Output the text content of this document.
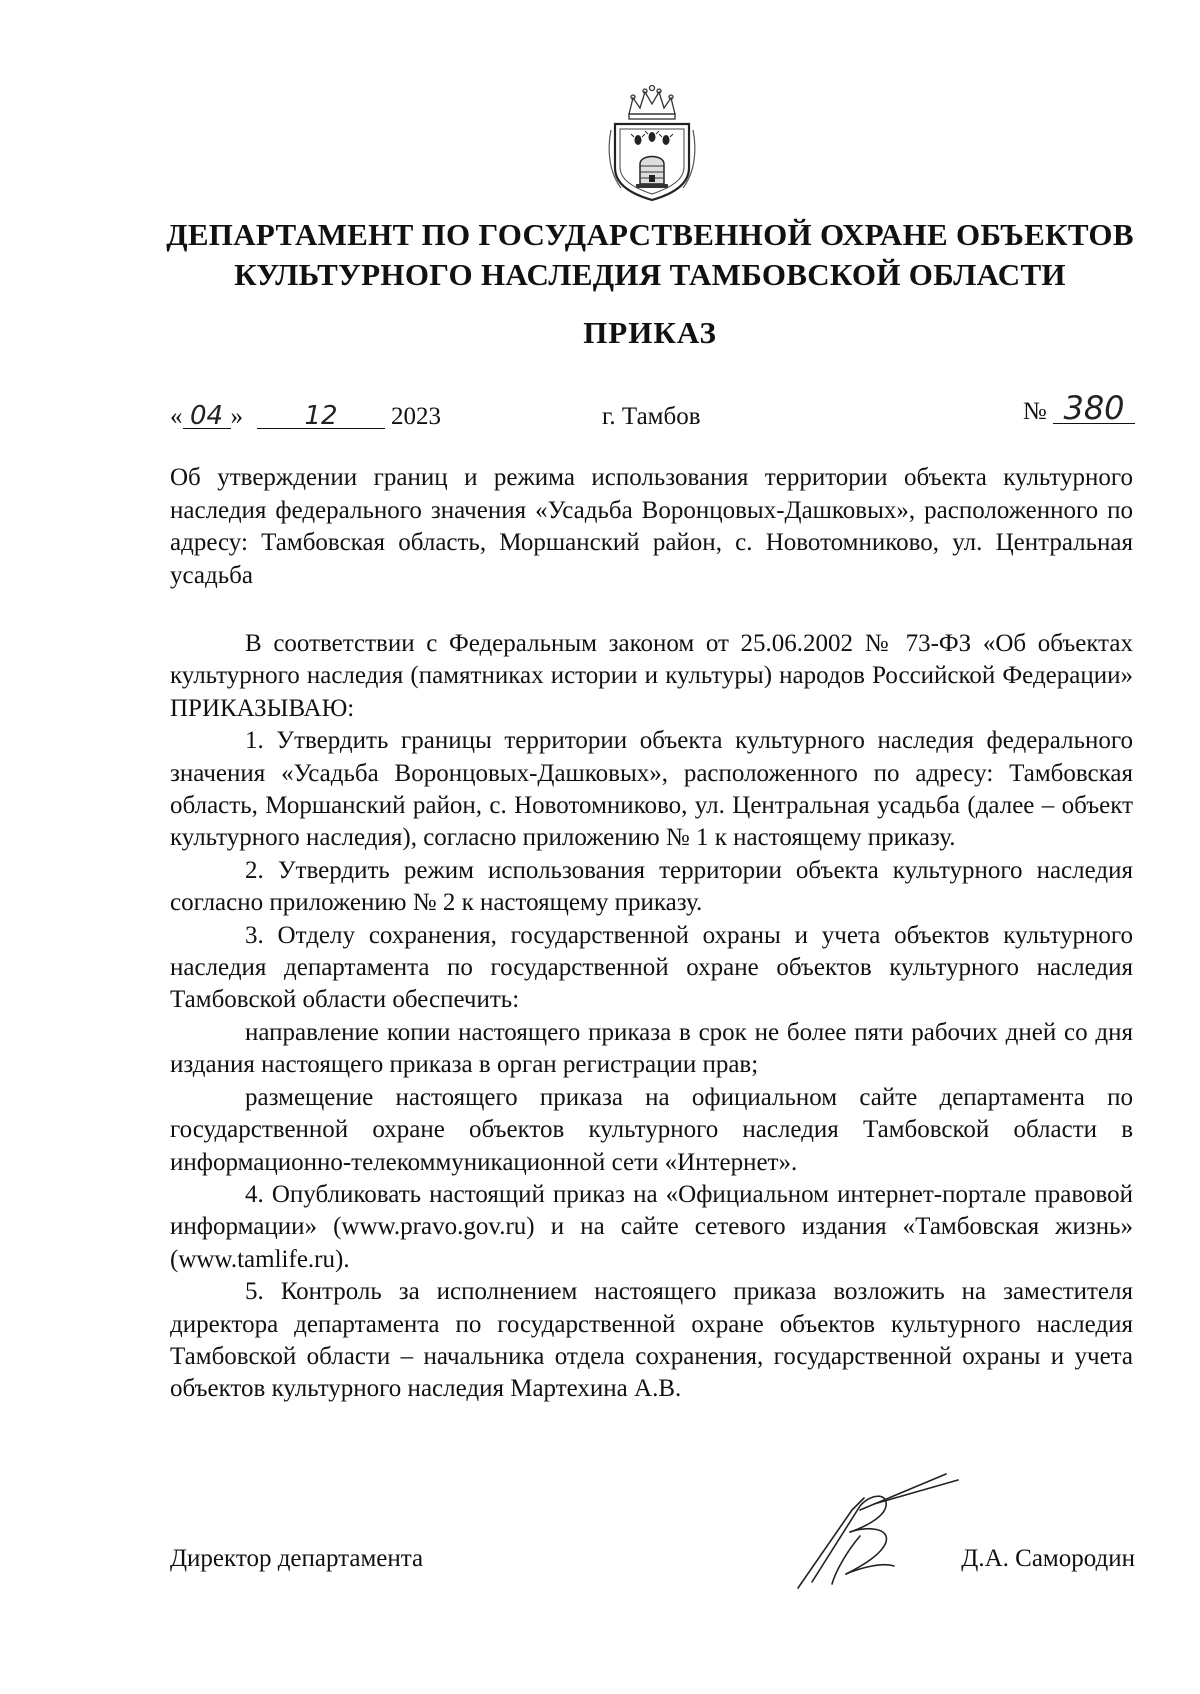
ДЕПАРТАМЕНТ ПО ГОСУДАРСТВЕННОЙ ОХРАНЕ ОБЪЕКТОВ
КУЛЬТУРНОГО НАСЛЕДИЯ ТАМБОВСКОЙ ОБЛАСТИ
ПРИКАЗ
« 04 » 12 2023	г. Тамбов	№ 380
Об утверждении границ и режима использования территории объекта культурного наследия федерального значения «Усадьба Воронцовых-Дашковых», расположенного по адресу: Тамбовская область, Моршанский район, с. Новотомниково, ул. Центральная усадьба

В соответствии с Федеральным законом от 25.06.2002 № 73-ФЗ «Об объектах культурного наследия (памятниках истории и культуры) народов Российской Федерации» ПРИКАЗЫВАЮ:

1. Утвердить границы территории объекта культурного наследия федерального значения «Усадьба Воронцовых-Дашковых», расположенного по адресу: Тамбовская область, Моршанский район, с. Новотомниково, ул. Центральная усадьба (далее – объект культурного наследия), согласно приложению № 1 к настоящему приказу.

2. Утвердить режим использования территории объекта культурного наследия согласно приложению № 2 к настоящему приказу.

3. Отделу сохранения, государственной охраны и учета объектов культурного наследия департамента по государственной охране объектов культурного наследия Тамбовской области обеспечить:

направление копии настоящего приказа в срок не более пяти рабочих дней со дня издания настоящего приказа в орган регистрации прав;

размещение настоящего приказа на официальном сайте департамента по государственной охране объектов культурного наследия Тамбовской области в информационно-телекоммуникационной сети «Интернет».

4. Опубликовать настоящий приказ на «Официальном интернет-портале правовой информации» (www.pravo.gov.ru) и на сайте сетевого издания «Тамбовская жизнь» (www.tamlife.ru).

5. Контроль за исполнением настоящего приказа возложить на заместителя директора департамента по государственной охране объектов культурного наследия Тамбовской области – начальника отдела сохранения, государственной охраны и учета объектов культурного наследия Мартехина А.В.

Директор департамента	Д.А. Самородин
